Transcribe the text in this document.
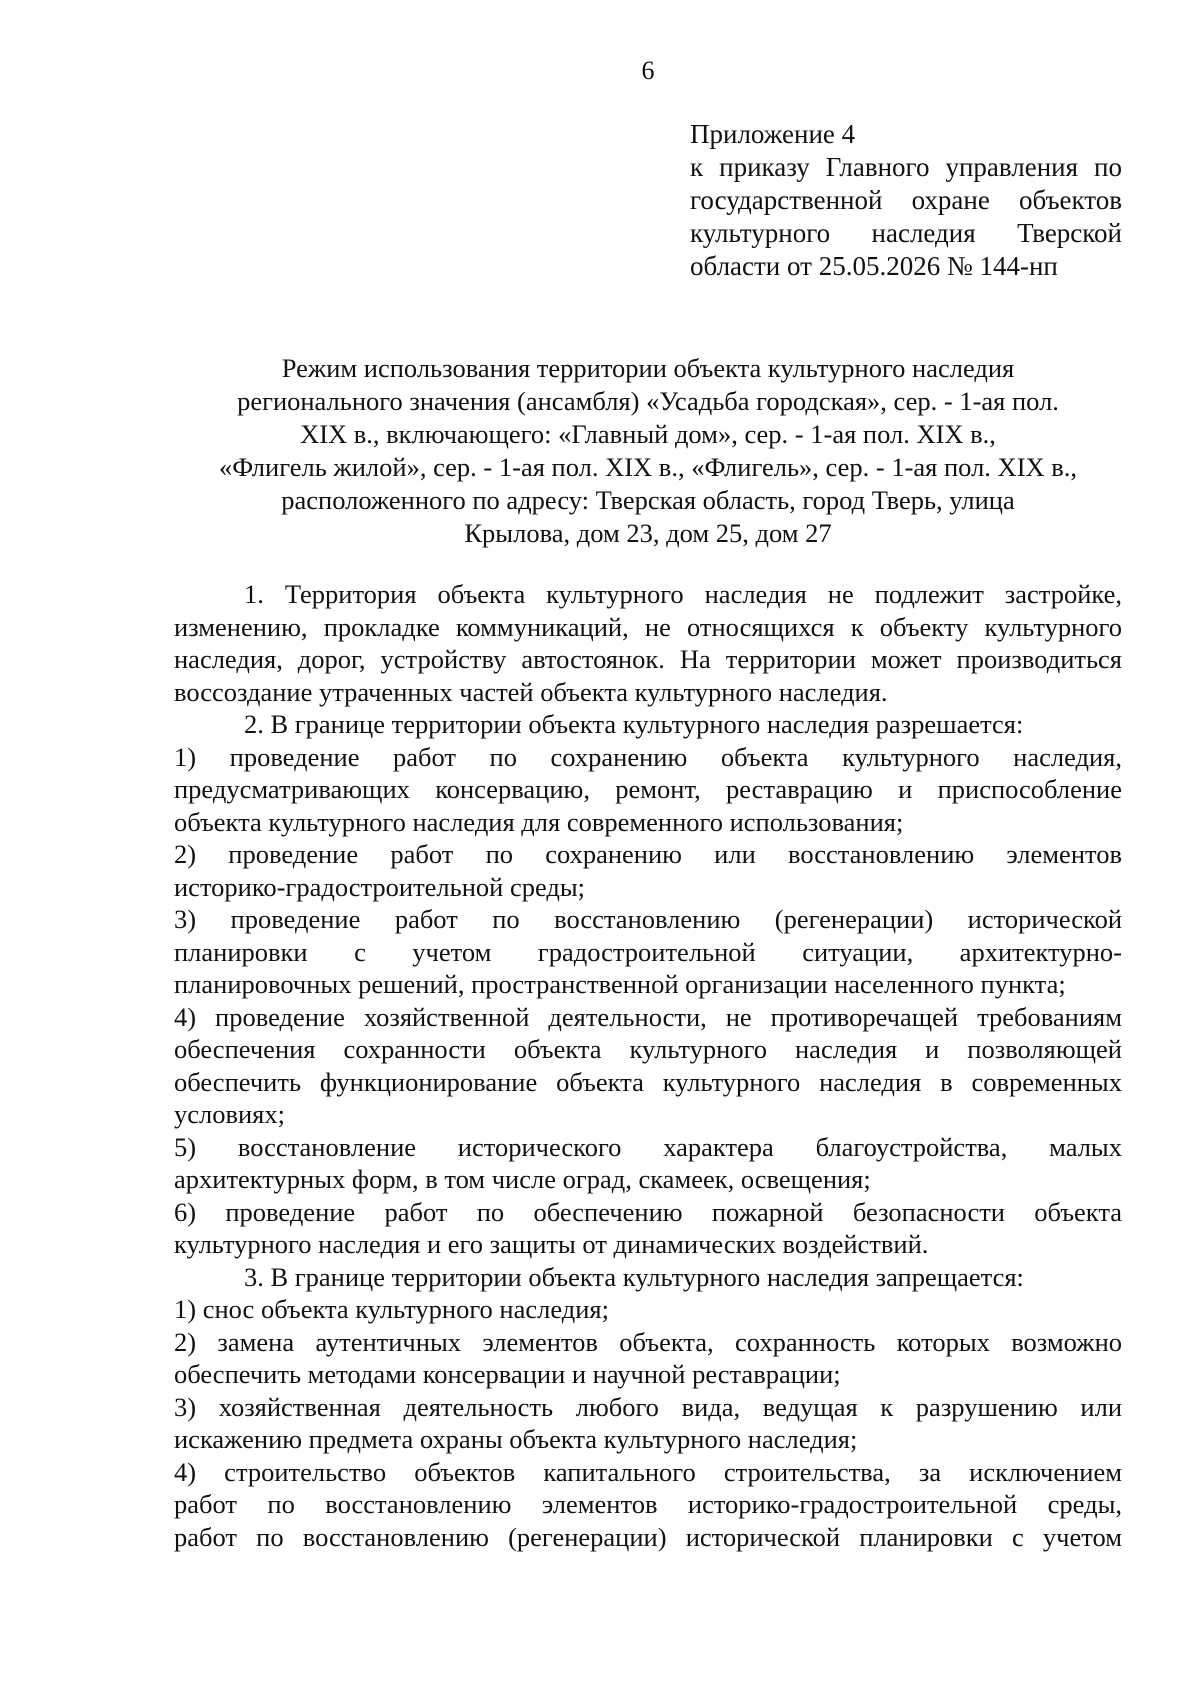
6
Приложение 4
к приказу Главного управления по
государственной охране объектов
культурного наследия Тверской
области от 25.05.2026 № 144-нп
Режим использования территории объекта культурного наследия
регионального значения (ансамбля) «Усадьба городская», сер. - 1-ая пол.
XIX в., включающего: «Главный дом», сер. - 1-ая пол. XIX в.,
«Флигель жилой», сер. - 1-ая пол. XIX в., «Флигель», сер. - 1-ая пол. XIX в.,
расположенного по адресу: Тверская область, город Тверь, улица
Крылова, дом 23, дом 25, дом 27
1. Территория объекта культурного наследия не подлежит застройке,
изменению, прокладке коммуникаций, не относящихся к объекту культурного
наследия, дорог, устройству автостоянок. На территории может производиться
воссоздание утраченных частей объекта культурного наследия.
2. В границе территории объекта культурного наследия разрешается:
1) проведение работ по сохранению объекта культурного наследия,
предусматривающих консервацию, ремонт, реставрацию и приспособление
объекта культурного наследия для современного использования;
2) проведение работ по сохранению или восстановлению элементов
историко-градостроительной среды;
3) проведение работ по восстановлению (регенерации) исторической
планировки с учетом градостроительной ситуации, архитектурно-
планировочных решений, пространственной организации населенного пункта;
4) проведение хозяйственной деятельности, не противоречащей требованиям
обеспечения сохранности объекта культурного наследия и позволяющей
обеспечить функционирование объекта культурного наследия в современных
условиях;
5) восстановление исторического характера благоустройства, малых
архитектурных форм, в том числе оград, скамеек, освещения;
6) проведение работ по обеспечению пожарной безопасности объекта
культурного наследия и его защиты от динамических воздействий.
3. В границе территории объекта культурного наследия запрещается:
1) снос объекта культурного наследия;
2) замена аутентичных элементов объекта, сохранность которых возможно
обеспечить методами консервации и научной реставрации;
3) хозяйственная деятельность любого вида, ведущая к разрушению или
искажению предмета охраны объекта культурного наследия;
4) строительство объектов капитального строительства, за исключением
работ по восстановлению элементов историко-градостроительной среды,
работ по восстановлению (регенерации) исторической планировки с учетом
